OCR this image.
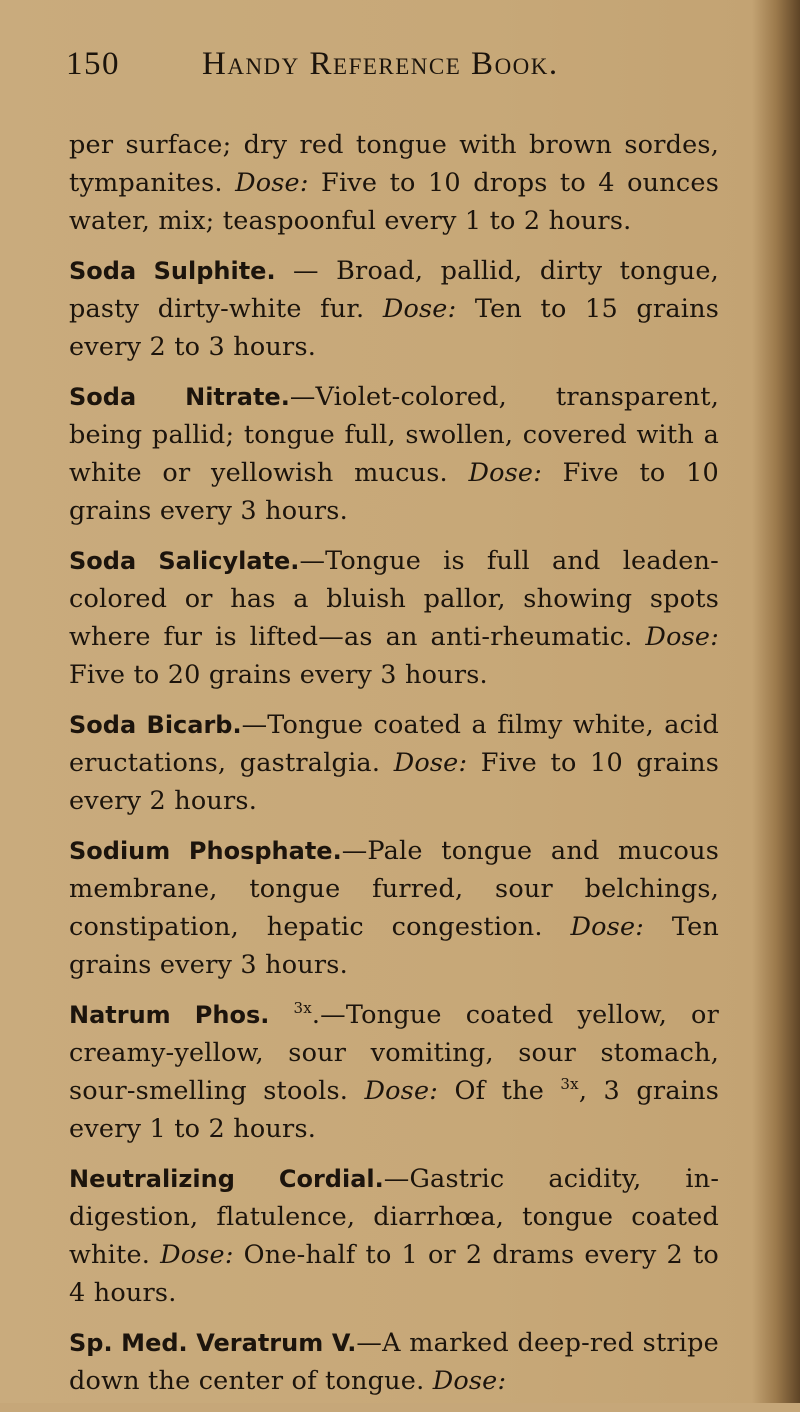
150 Handy Reference Book.

per surface; dry red tongue with brown sordes, tympanites. Dose: Five to 10 drops to 4 ounces water, mix; teaspoonful every 1 to 2 hours.

Soda Sulphite. — Broad, pallid, dirty tongue, pasty dirty-white fur. Dose: Ten to 15 grains every 2 to 3 hours.

Soda Nitrate.—Violet-colored, transparent, being pallid; tongue full, swollen, covered with a white or yellowish mucus. Dose: Five to 10 grains every 3 hours.

Soda Salicylate.—Tongue is full and leaden-colored or has a bluish pallor, showing spots where fur is lifted—as an anti-rheumatic. Dose: Five to 20 grains every 3 hours.

Soda Bicarb.—Tongue coated a filmy white, acid eructations, gastralgia. Dose: Five to 10 grains every 2 hours.

Sodium Phosphate.—Pale tongue and mucous membrane, tongue furred, sour belchings, constipation, hepatic congestion. Dose: Ten grains every 3 hours.

Natrum Phos. $^{3x}$.—Tongue coated yellow, or creamy-yellow, sour vomiting, sour stomach, sour-smelling stools. Dose: Of the $^{3x}$, 3 grains every 1 to 2 hours.

Neutralizing Cordial.—Gastric acidity, indigestion, flatulence, diarrhœa, tongue coated white. Dose: One-half to 1 or 2 drams every 2 to 4 hours.

Sp. Med. Veratrum V.—A marked deep-red stripe down the center of tongue. Dose:
